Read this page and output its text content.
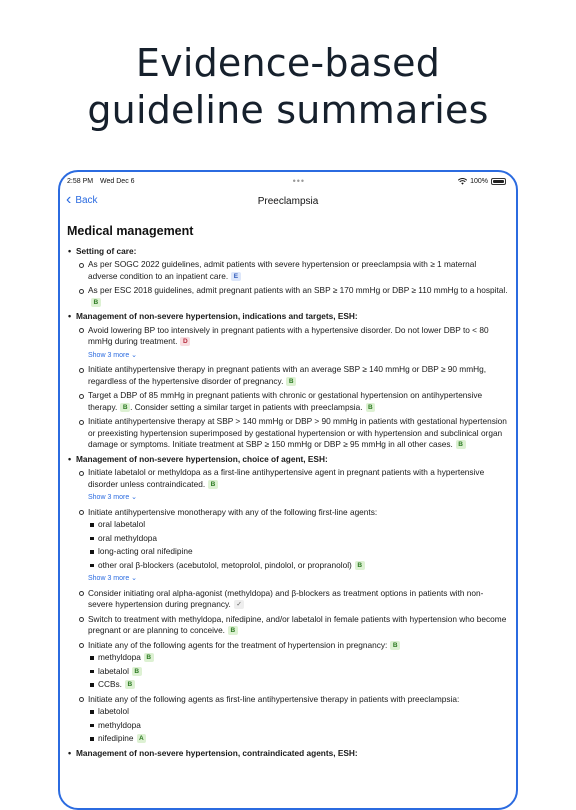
Evidence-based
guideline summaries
2:58 PM Wed Dec 6	•••	100%
‹ Back	Preeclampsia
Medical management
• Setting of care:
As per SOGC 2022 guidelines, admit patients with severe hypertension or preeclampsia with ≥ 1 maternal adverse condition to an inpatient care. E
As per ESC 2018 guidelines, admit pregnant patients with an SBP ≥ 170 mmHg or DBP ≥ 110 mmHg to a hospital.B
• Management of non-severe hypertension, indications and targets, ESH:
Avoid lowering BP too intensively in pregnant patients with a hypertensive disorder. Do not lower DBP to < 80 mmHg during treatment. D
Show 3 more ⌄
Initiate antihypertensive therapy in pregnant patients with an average SBP ≥ 140 mmHg or DBP ≥ 90 mmHg, regardless of the hypertensive disorder of pregnancy. B
Target a DBP of 85 mmHg in pregnant patients with chronic or gestational hypertension on antihypertensive therapy. B . Consider setting a similar target in patients with preeclampsia. B
Initiate antihypertensive therapy at SBP > 140 mmHg or DBP > 90 mmHg in patients with gestational hypertension or preexisting hypertension superimposed by gestational hypertension or with hypertension and subclinical organ damage or symptoms. Initiate treatment at SBP ≥ 150 mmHg or DBP ≥ 95 mmHg in all other cases. B
• Management of non-severe hypertension, choice of agent, ESH:
Initiate labetalol or methyldopa as a first-line antihypertensive agent in pregnant patients with a hypertensive disorder unless contraindicated. B
Show 3 more ⌄
Initiate antihypertensive monotherapy with any of the following first-line agents:
oral labetalol
oral methyldopa
long-acting oral nifedipine
other oral β-blockers (acebutolol, metoprolol, pindolol, or propranolol) B
Show 3 more ⌄
Consider initiating oral alpha-agonist (methyldopa) and β-blockers as treatment options in patients with non-severe hypertension during pregnancy. ✓
Switch to treatment with methyldopa, nifedipine, and/or labetalol in female patients with hypertension who become pregnant or are planning to conceive. B
Initiate any of the following agents for the treatment of hypertension in pregnancy: B
methyldopa B
labetalol B
CCBs. B
Initiate any of the following agents as first-line antihypertensive therapy in patients with preeclampsia:
labetolol
methyldopa
nifedipine A
• Management of non-severe hypertension, contraindicated agents, ESH:
